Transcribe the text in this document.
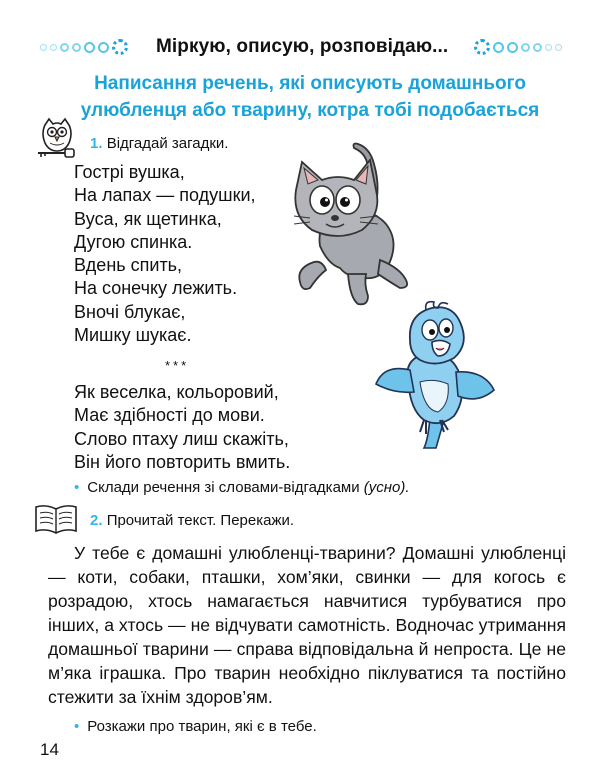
Міркую, описую, розповідаю...
Написання речень, які описують домашнього
улюбленця або тварину, котра тобі подобається
1. Відгадай загадки.
Гострі вушка,
На лапах — подушки,
Вуса, як щетинка,
Дугою спинка.
Вдень спить,
На сонечку лежить.
Вночі блукає,
Мишку шукає.
***
Як веселка, кольоровий,
Має здібності до мови.
Слово птаху лиш скажіть,
Він його повторить вмить.
• Склади речення зі словами-відгадками (усно).
2. Прочитай текст. Перекажи.
У тебе є домашні улюбленці-тварини? Домашні улюбленці — коти, собаки, пташки, хом’яки, свинки — для когось є розрадою, хтось намагається навчитися турбуватися про інших, а хтось — не відчувати самотність. Водночас утримання домашньої тварини — справа відповідальна й непроста. Це не м’яка іграшка. Про тварин необхідно піклуватися та постійно стежити за їхнім здоров’ям.
• Розкажи про тварин, які є в тебе.
14
